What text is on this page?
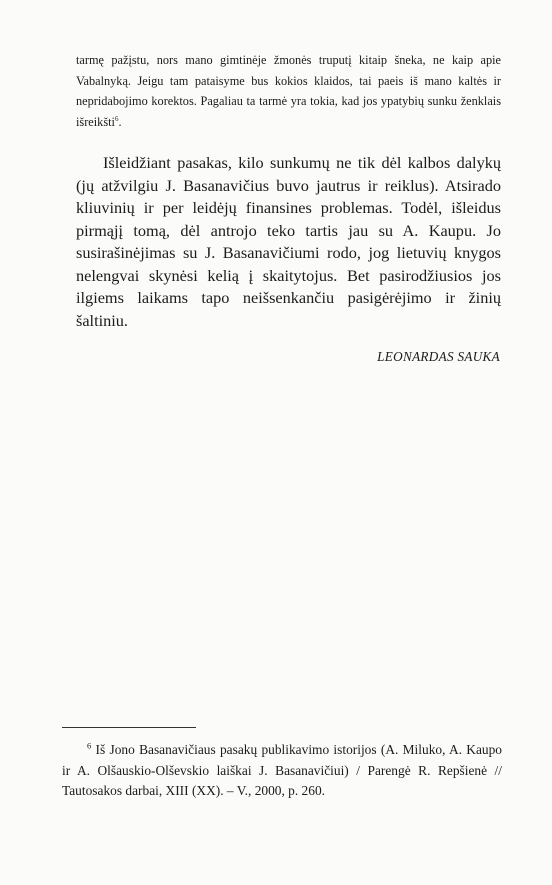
tarmę pažįstu, nors mano gimtinėje žmonės truputį kitaip šneka, ne kaip apie Vabalnyką. Jeigu tam pataisyme bus kokios klaidos, tai paeis iš mano kaltės ir nepridabojimo korektos. Pagaliau ta tarmė yra tokia, kad jos ypatybių sunku ženklais išreikšti$^6$.

Išleidžiant pasakas, kilo sunkumų ne tik dėl kalbos dalykų (jų atžvilgiu J. Basanavičius buvo jautrus ir reiklus). Atsirado kliuvinių ir per leidėjų finansines problemas. Todėl, išleidus pirmąjį tomą, dėl antrojo teko tartis jau su A. Kaupu. Jo susirašinėjimas su J. Basanavičiumi rodo, jog lietuvių knygos nelengvai skynėsi kelią į skaitytojus. Bet pasirodžiusios jos ilgiems laikams tapo neišsenkančiu pasigėrėjimo ir žinių šaltiniu.

LEONARDAS SAUKA

$^6$ Iš Jono Basanavičiaus pasakų publikavimo istorijos (A. Miluko, A. Kaupo ir A. Olšauskio-Olševskio laiškai J. Basanavičiui) / Parengė R. Repšienė // Tautosakos darbai, XIII (XX). – V., 2000, p. 260.
